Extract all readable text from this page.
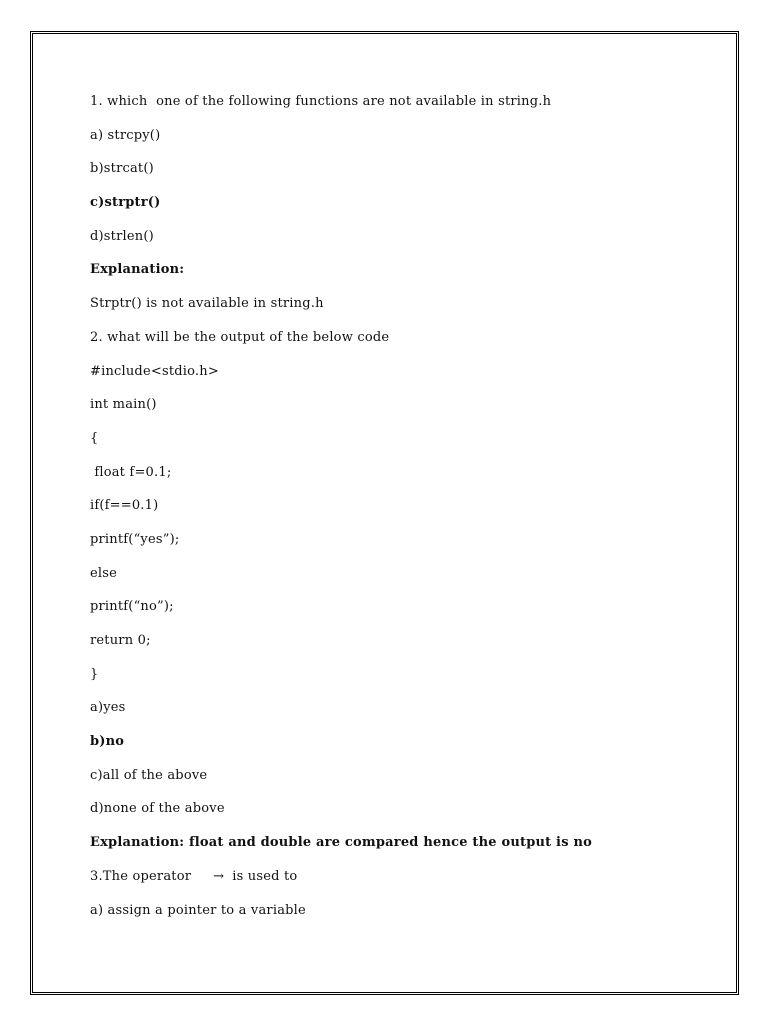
1. which  one of the following functions are not available in string.h
a) strcpy()
b)strcat()
c)strptr()
d)strlen()
Explanation:
Strptr() is not available in string.h
2. what will be the output of the below code
#include<stdio.h>
int main()
{
float f=0.1;
if(f==0.1)
printf(“yes”);
else
printf(“no”);
return 0;
}
a)yes
b)no
c)all of the above
d)none of the above
Explanation: float and double are compared hence the output is no
3.The operator → is used to
a) assign a pointer to a variable
